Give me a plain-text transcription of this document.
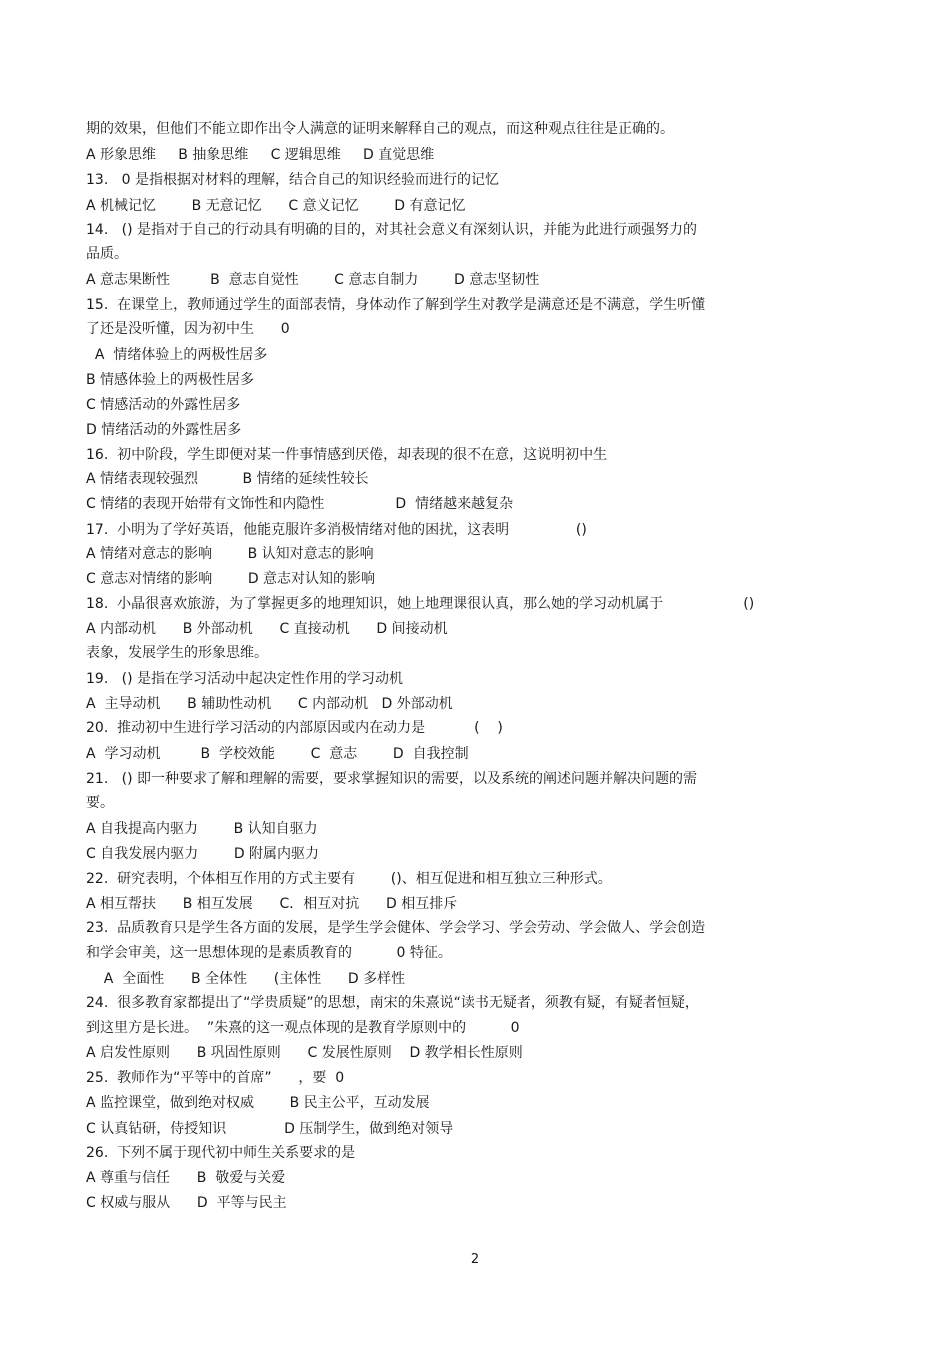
期的效果，但他们不能立即作出令人满意的证明来解释自己的观点，而这种观点往往是正确的。
A 形象思维     B 抽象思维     C 逻辑思维     D 直觉思维
13.   0 是指根据对材料的理解，结合自己的知识经验而进行的记忆
A 机械记忆        B 无意记忆      C 意义记忆        D 有意记忆
14.   () 是指对于自己的行动具有明确的目的，对其社会意义有深刻认识，并能为此进行顽强努力的
品质。
A 意志果断性         B  意志自觉性        C 意志自制力        D 意志坚韧性
15.  在课堂上，教师通过学生的面部表情，身体动作了解到学生对教学是满意还是不满意，学生听懂
了还是没听懂，因为初中生      0
A  情绪体验上的两极性居多
B 情感体验上的两极性居多
C 情感活动的外露性居多
D 情绪活动的外露性居多
16.  初中阶段，学生即便对某一件事情感到厌倦，却表现的很不在意，这说明初中生
A 情绪表现较强烈          B 情绪的延续性较长
C 情绪的表现开始带有文饰性和内隐性                D  情绪越来越复杂
17.  小明为了学好英语，他能克服许多消极情绪对他的困扰，这表明               ()
A 情绪对意志的影响        B 认知对意志的影响
C 意志对情绪的影响        D 意志对认知的影响
18.  小晶很喜欢旅游，为了掌握更多的地理知识，她上地理课很认真，那么她的学习动机属于                  ()
A 内部动机      B 外部动机      C 直接动机      D 间接动机
表象，发展学生的形象思维。
19.   () 是指在学习活动中起决定性作用的学习动机
A  主导动机      B 辅助性动机      C 内部动机   D 外部动机
20.  推动初中生进行学习活动的内部原因或内在动力是           (    )
A  学习动机         B  学校效能        C  意志        D  自我控制
21.   () 即一种要求了解和理解的需要，要求掌握知识的需要，以及系统的阐述问题并解决问题的需
要。
A 自我提高内驱力        B 认知自驱力
C 自我发展内驱力        D 附属内驱力
22.  研究表明，个体相互作用的方式主要有        ()、相互促进和相互独立三种形式。
A 相互帮扶      B 相互发展      C．相互对抗      D 相互排斥
23.  品质教育只是学生各方面的发展，是学生学会健体、学会学习、学会劳动、学会做人、学会创造
和学会审美，这一思想体现的是素质教育的          0 特征。
A  全面性      B 全体性      (主体性      D 多样性
24.  很多教育家都提出了“学贵质疑”的思想，南宋的朱熹说“读书无疑者，须教有疑，有疑者恒疑，
到这里方是长进。  ”朱熹的这一观点体现的是教育学原则中的          0
A 启发性原则      B 巩固性原则      C 发展性原则    D 教学相长性原则
25.  教师作为“平等中的首席”      ，要  0
A 监控课堂，做到绝对权威        B 民主公平，互动发展
C 认真钻研，侍授知识             D 压制学生，做到绝对领导
26.  下列不属于现代初中师生关系要求的是
A 尊重与信任      B  敬爱与关爱
C 权威与服从      D  平等与民主
2
